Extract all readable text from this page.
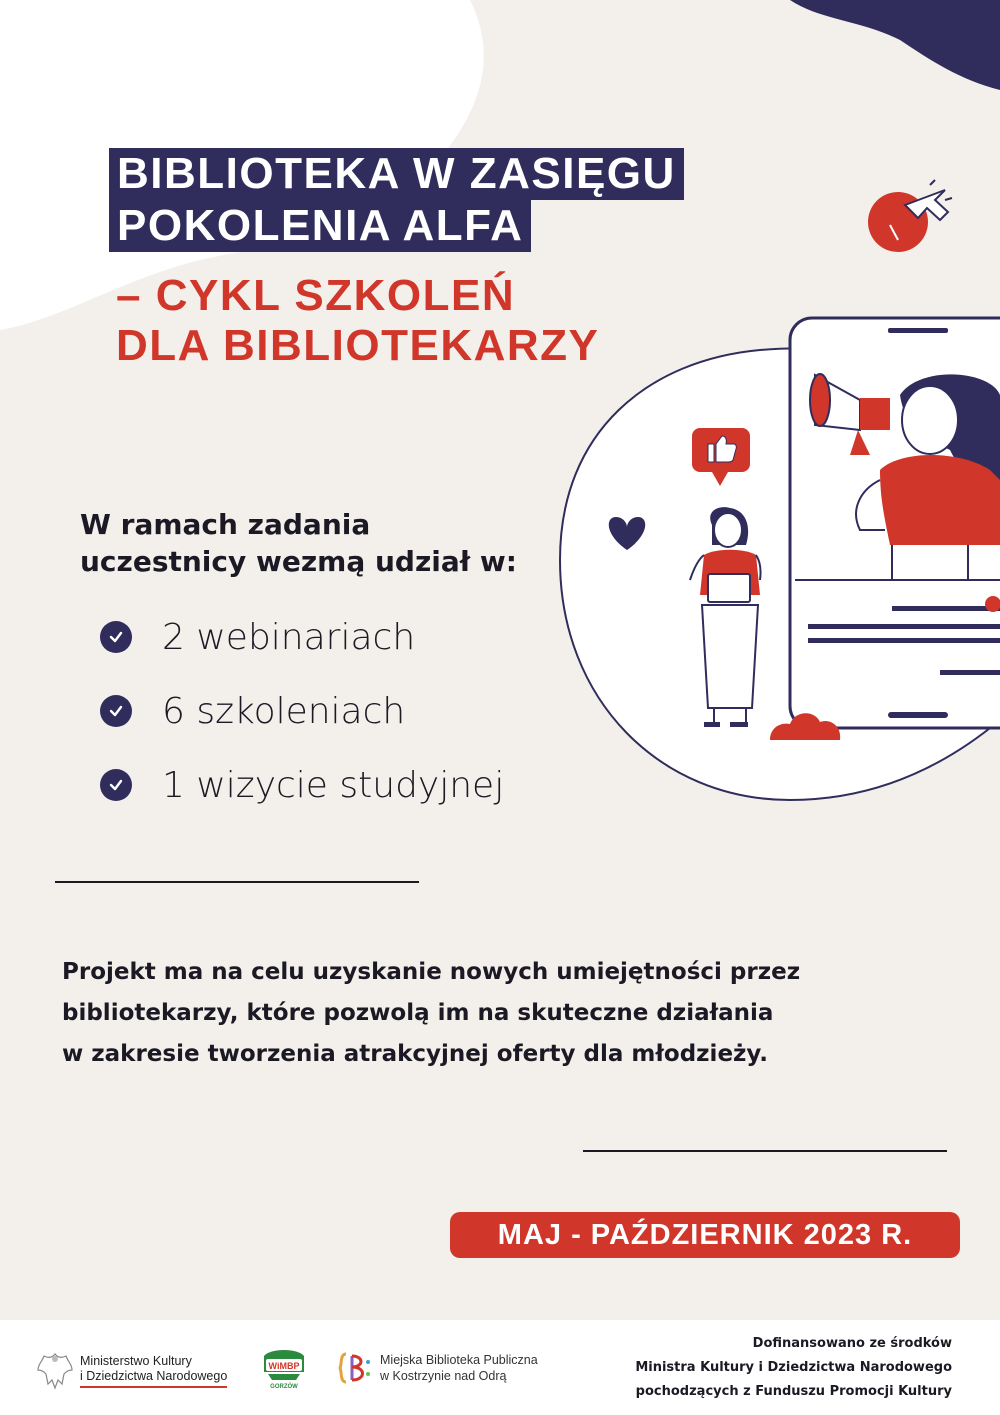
BIBLIOTEKA W ZASIĘGU
POKOLENIA ALFA
– CYKL SZKOLEŃ
DLA BIBLIOTEKARZY
W ramach zadania
uczestnicy wezmą udział w:
2 webinariach
6 szkoleniach
1 wizycie studyjnej
Projekt ma na celu uzyskanie nowych umiejętności przez
bibliotekarzy, które pozwolą im na skuteczne działania
w zakresie tworzenia atrakcyjnej oferty dla młodzieży.
MAJ - PAŹDZIERNIK 2023 R.
Ministerstwo Kultury
i Dziedzictwa Narodowego
WiMBP
GORZÓW
Miejska Biblioteka Publiczna
w Kostrzynie nad Odrą
Dofinansowano ze środków
Ministra Kultury i Dziedzictwa Narodowego
pochodzących z Funduszu Promocji Kultury
